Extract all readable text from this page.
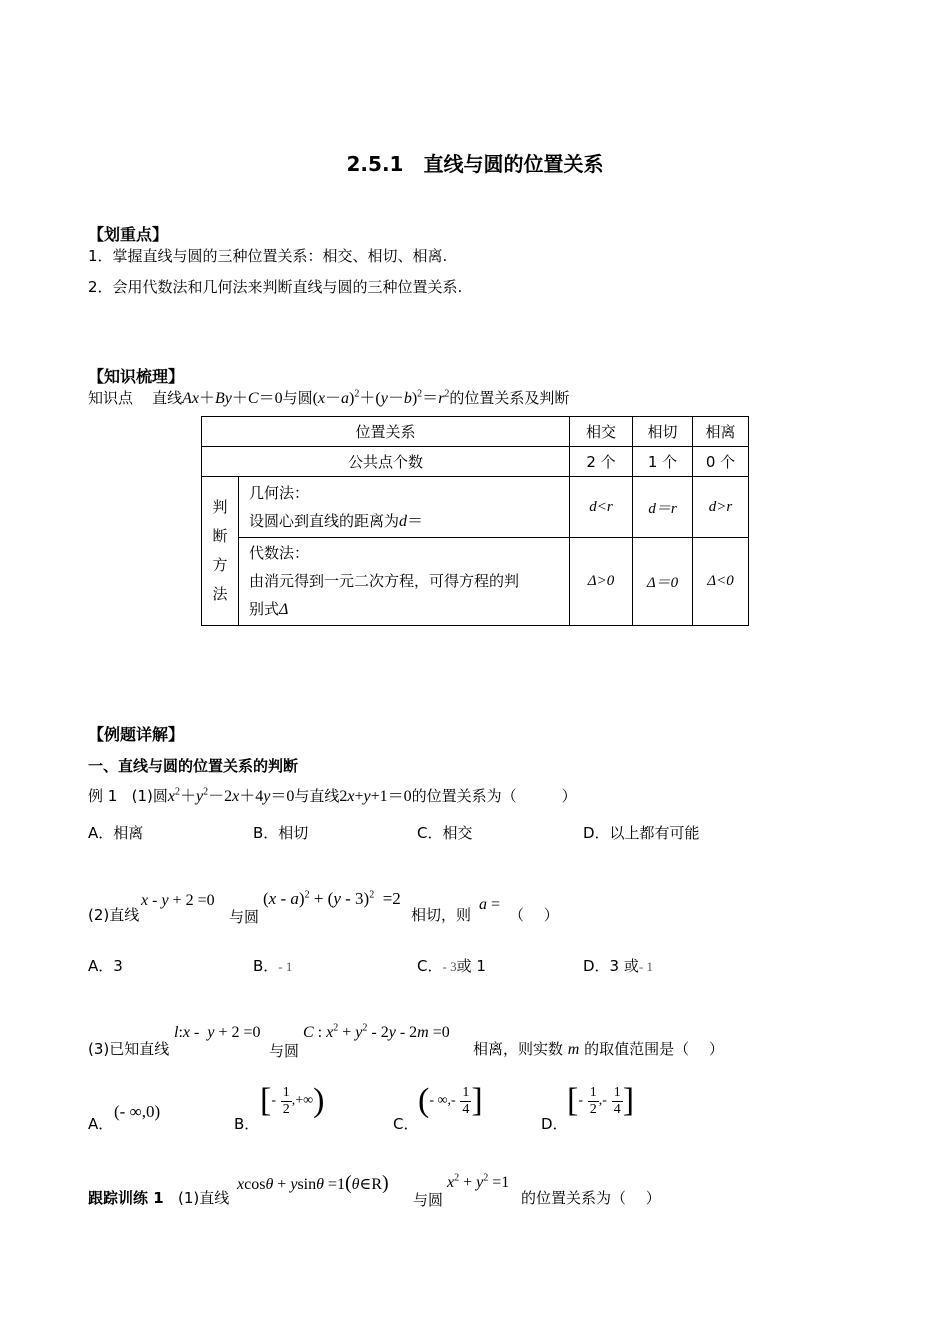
2.5.1　直线与圆的位置关系
【划重点】
1．掌握直线与圆的三种位置关系：相交、相切、相离.
2．会用代数法和几何法来判断直线与圆的三种位置关系.
【知识梳理】
知识点 直线Ax＋By＋C＝0与圆$(x-a)^2+(y-b)^2=r^2$的位置关系及判断
位置关系		相交	相切	相离
公共点个数		2 个	1 个	0 个
判
断
方
法	几何法：
设圆心到直线的距离为d＝	d<r	d＝r	d>r
	代数法：
由消元得到一元二次方程，可得方程的判
别式Δ	Δ>0	Δ＝0	Δ<0
【例题详解】
一、直线与圆的位置关系的判断
例 1 (1)圆$x^2+y^2-2x+4y=0$与直线2x+y+1＝0的位置关系为（　　　）
A．相离	B．相切	C．相交	D．以上都有可能
(2)直线
x - y + 2 =0
与圆
(x - a)$^2$ + (y - 3)$^2$  =2
相切，则
a =
（　 ）
A．3	B．- 1	C．- 3或 1	D．3 或- 1
(3)已知直线
l:x -  y + 2 =0
与圆
C : $x^2 + y^2 - 2y - 2m =0$
相离，则实数 m 的取值范围是（　 ）
A．
(- ∞,0)
B．
[- $\frac{1}{2}$ ,+∞)
C．
(- ∞,- $\frac{1}{4}$ ]
D．
[- $\frac{1}{2}$ ,- $\frac{1}{4}$ ]
跟踪训练 1 (1)直线
xcosθ + ysinθ =1(θ∈R)
与圆
$x^2 + y^2 =1$
的位置关系为（　 ）
